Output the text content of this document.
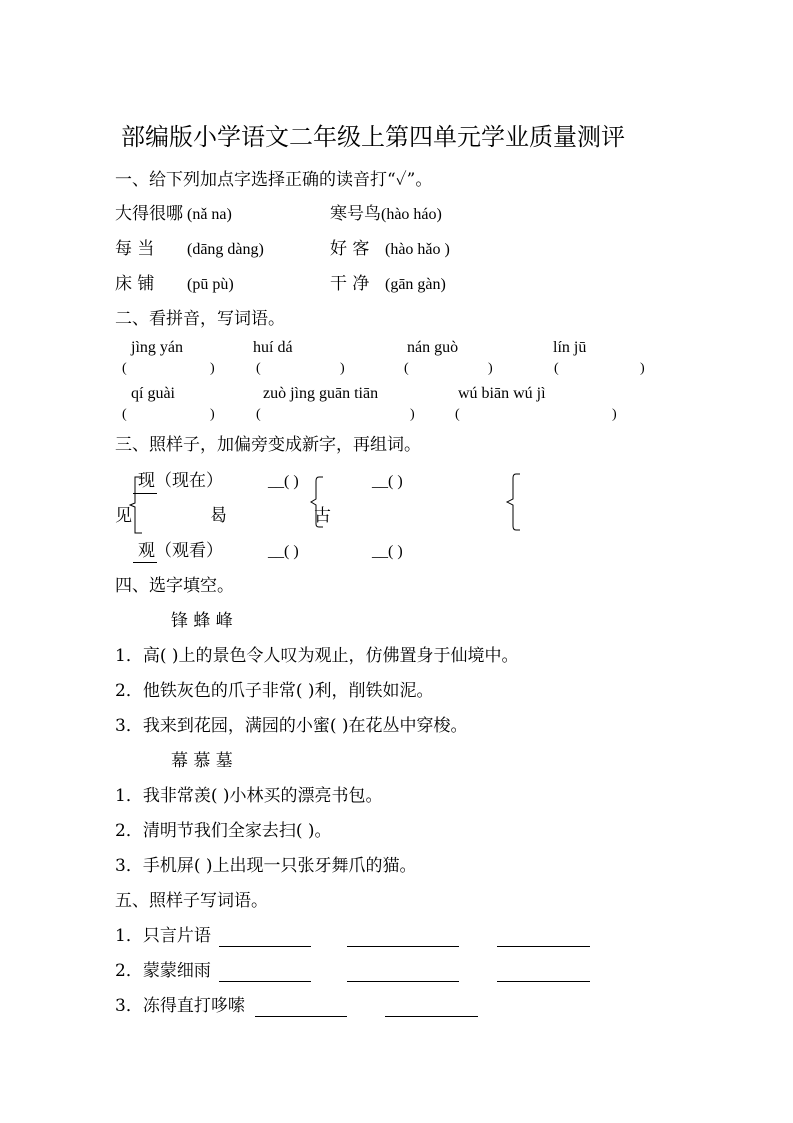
部编版小学语文二年级上第四单元学业质量测评
一、给下列加点字选择正确的读音打“✓”。
大得很哪 (nǎ na)	寒号鸟 (hào háo)
每 当 (dāng dàng)	好 客 (hào hǎo )
床 铺 (pū pù)	干 净 (gān gàn)
二、看拼音，写词语。
jìng yán	huí dá	nán guò	lín jū
(	)	(	)	(	)	(	)
qí guài	zuò jìng guān tiān	wú biān wú jì
(	)	(	)	(	)
三、照样子，加偏旁变成新字，再组词。
现（现在）
见
观（观看）
曷	古
__( )	__( )
__( )	__( )
四、选字填空。
锋 蜂 峰
1．高( )上的景色令人叹为观止，仿佛置身于仙境中。
2．他铁灰色的爪子非常( )利，削铁如泥。
3．我来到花园，满园的小蜜( )在花丛中穿梭。
幕 慕 墓
1．我非常羡( )小林买的漂亮书包。
2．清明节我们全家去扫( )。
3．手机屏( )上出现一只张牙舞爪的猫。
五、照样子写词语。
1．只言片语
2．蒙蒙细雨
3．冻得直打哆嗦
